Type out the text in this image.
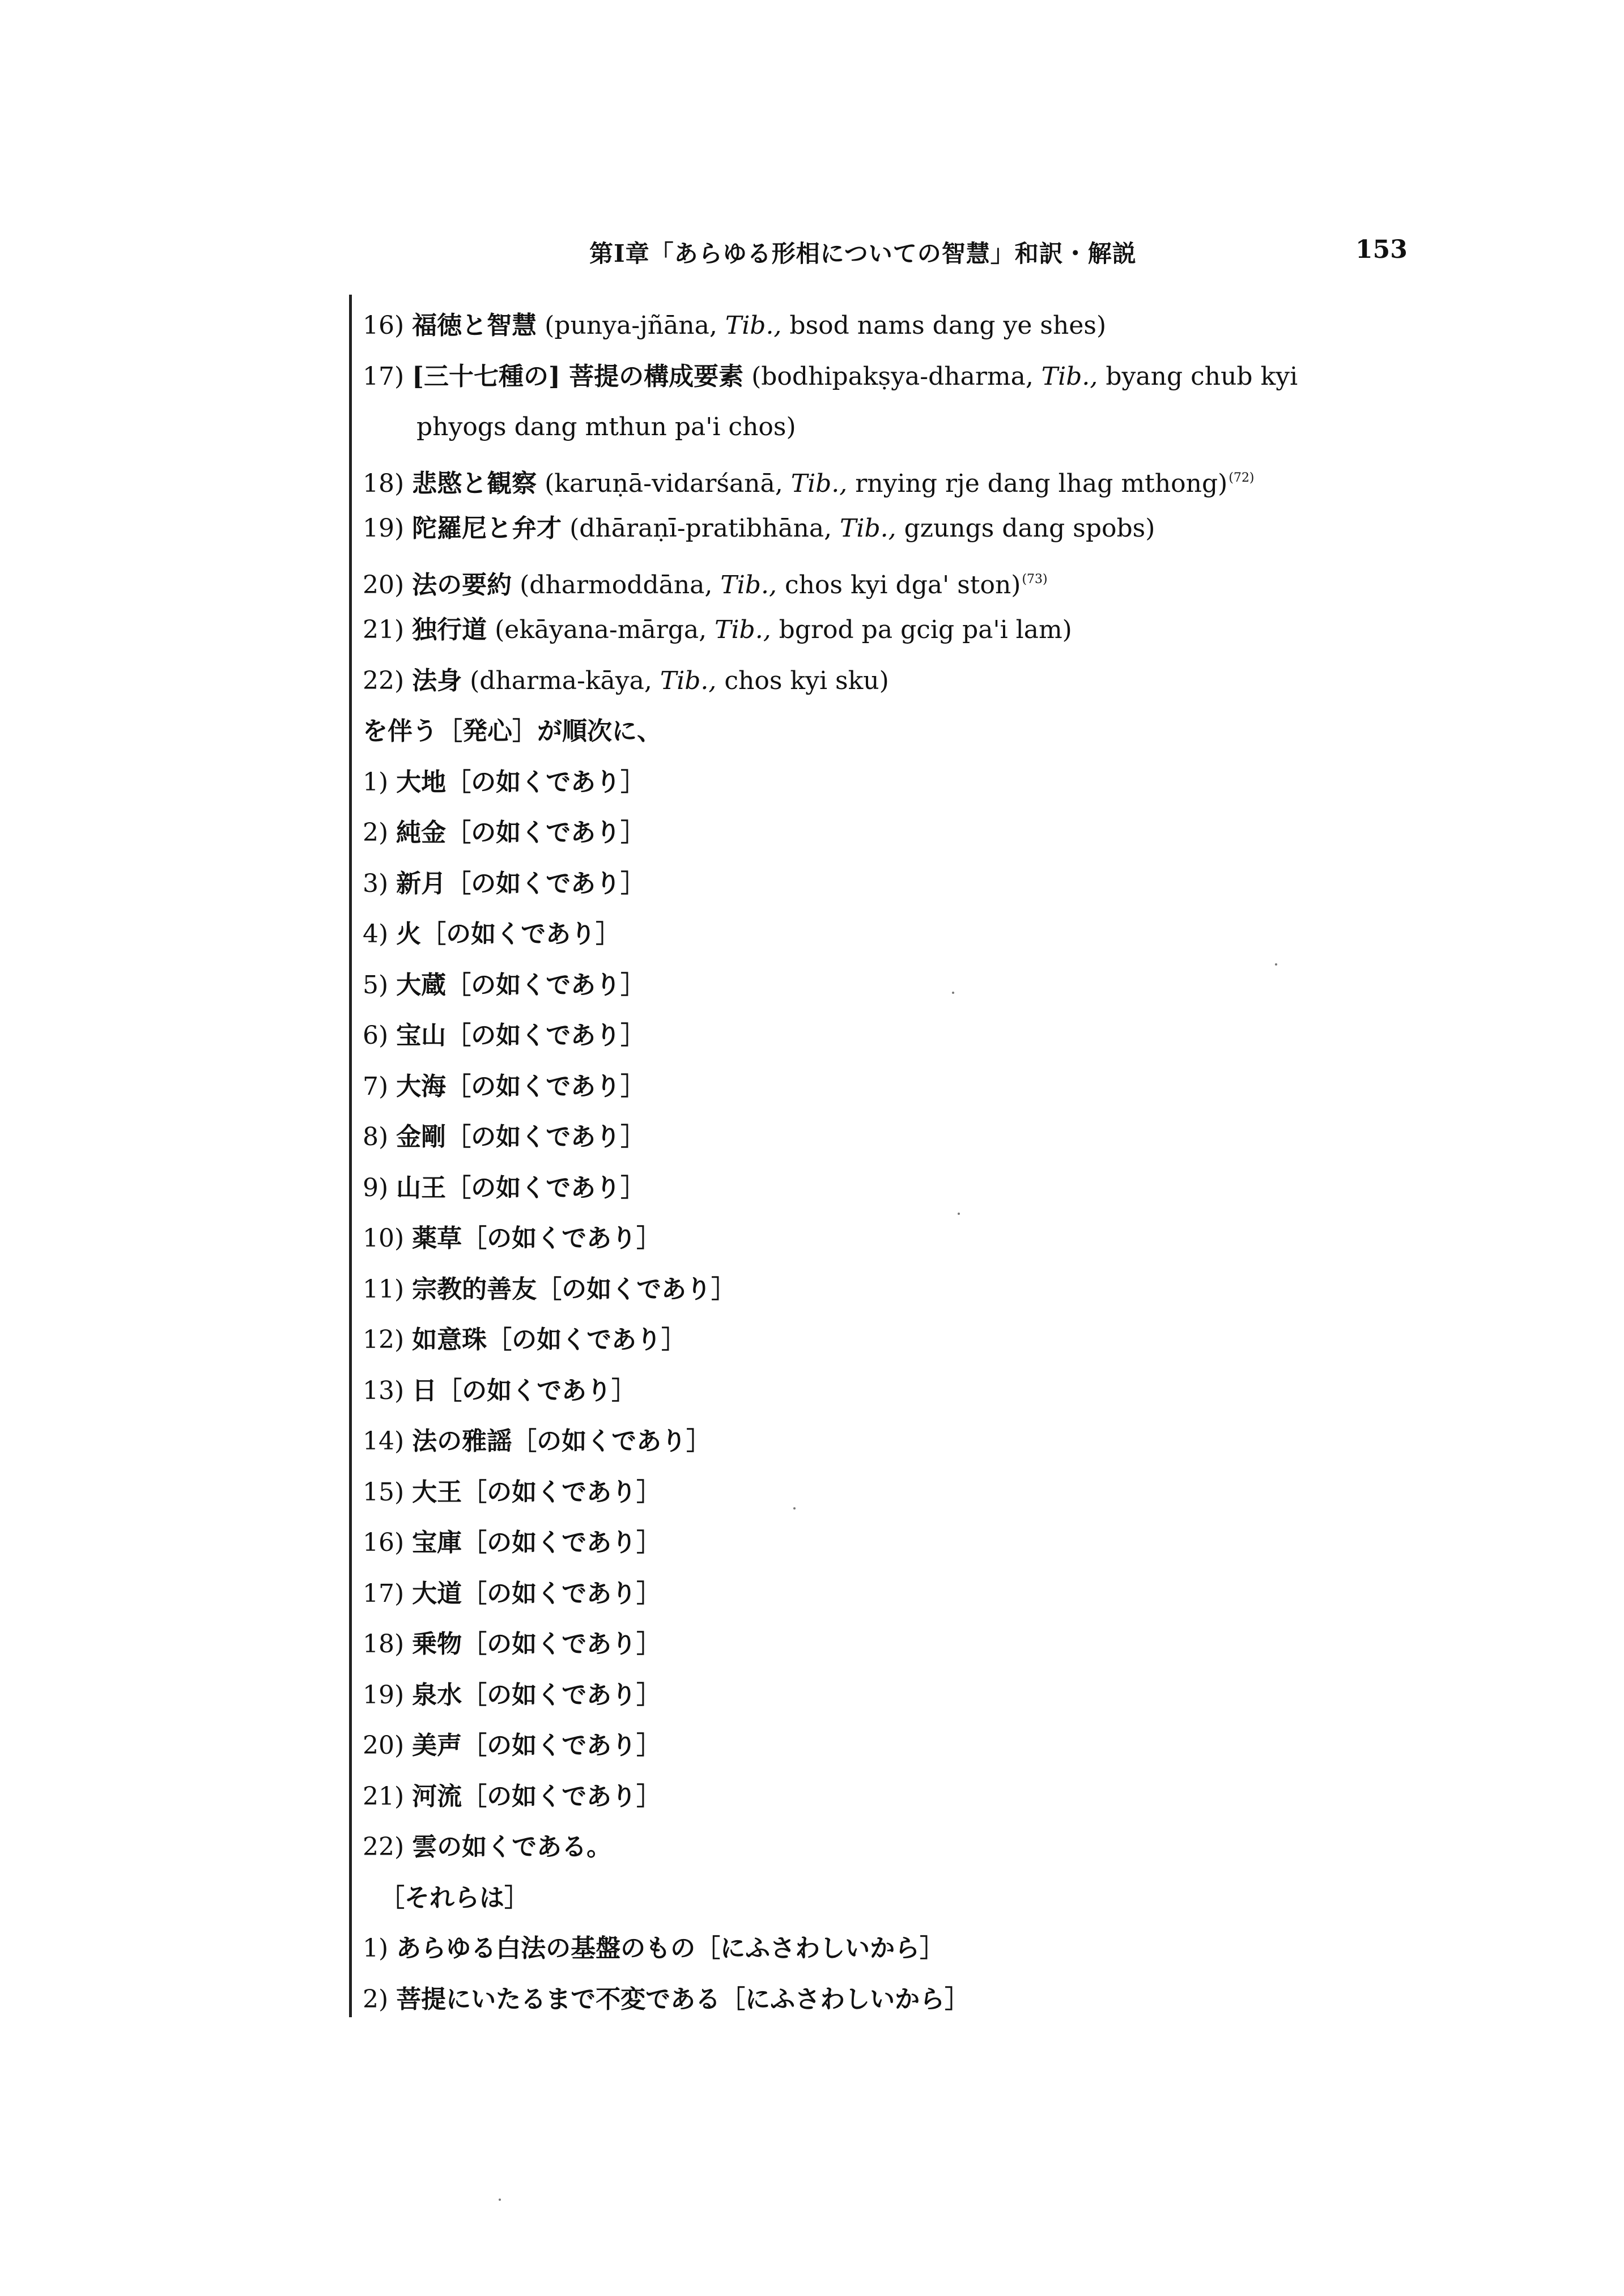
第Ⅰ章「あらゆる形相についての智慧」和訳・解説	153
16) 福徳と智慧 (punya-jñāna, Tib., bsod nams dang ye shes)
17) [三十七種の] 菩提の構成要素 (bodhipakṣya-dharma, Tib., byang chub kyi
phyogs dang mthun pa'i chos)
18) 悲愍と観察 (karuṇā-vidarśanā, Tib., rnying rje dang lhag mthong)$^{(72)}$
19) 陀羅尼と弁才 (dhāraṇī-pratibhāna, Tib., gzungs dang spobs)
20) 法の要約 (dharmoddāna, Tib., chos kyi dga' ston)$^{(73)}$
21) 独行道 (ekāyana-mārga, Tib., bgrod pa gcig pa'i lam)
22) 法身 (dharma-kāya, Tib., chos kyi sku)
を伴う［発心］が順次に、
1) 大地［の如くであり］
2) 純金［の如くであり］
3) 新月［の如くであり］
4) 火［の如くであり］
5) 大蔵［の如くであり］
6) 宝山［の如くであり］
7) 大海［の如くであり］
8) 金剛［の如くであり］
9) 山王［の如くであり］
10) 薬草［の如くであり］
11) 宗教的善友［の如くであり］
12) 如意珠［の如くであり］
13) 日［の如くであり］
14) 法の雅謡［の如くであり］
15) 大王［の如くであり］
16) 宝庫［の如くであり］
17) 大道［の如くであり］
18) 乗物［の如くであり］
19) 泉水［の如くであり］
20) 美声［の如くであり］
21) 河流［の如くであり］
22) 雲の如くである。
［それらは］
1) あらゆる白法の基盤のもの［にふさわしいから］
2) 菩提にいたるまで不変である［にふさわしいから］
